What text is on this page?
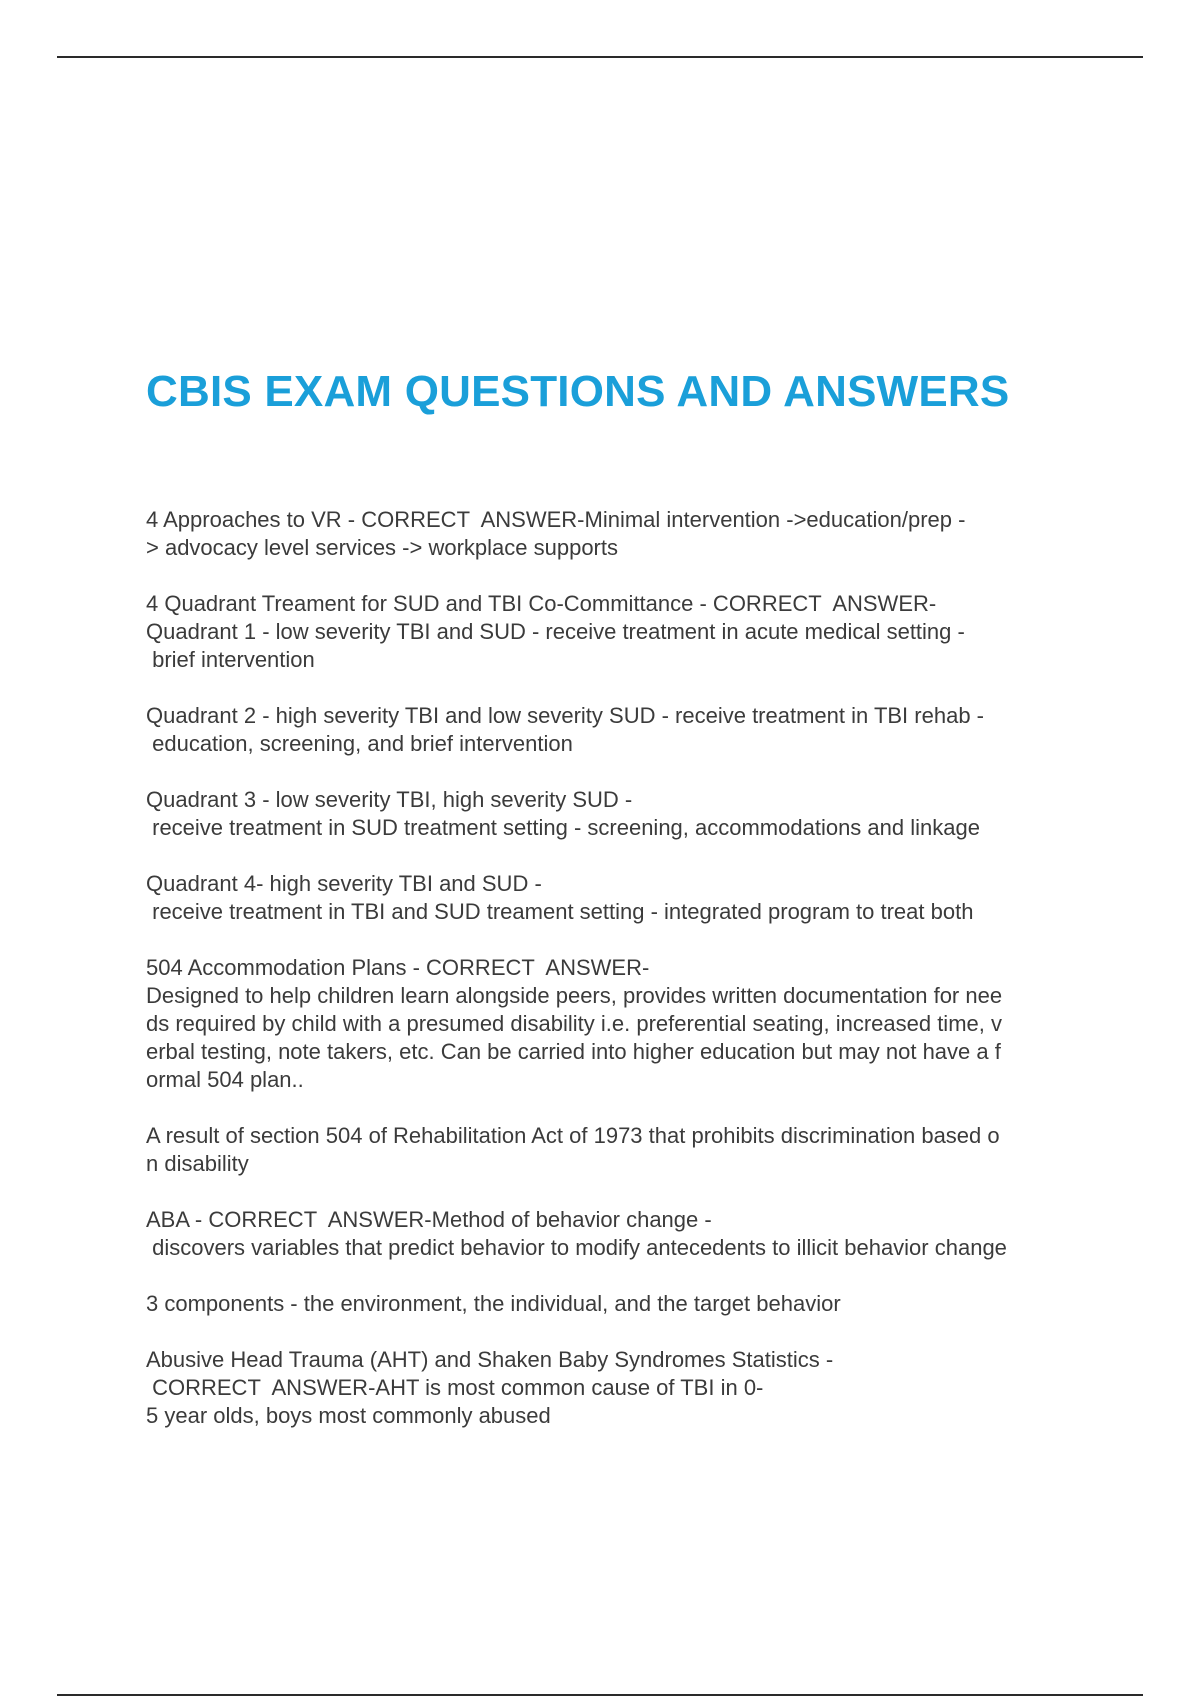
CBIS EXAM QUESTIONS AND ANSWERS
4 Approaches to VR - CORRECT  ANSWER-Minimal intervention ->education/prep -
> advocacy level services -> workplace supports
4 Quadrant Treament for SUD and TBI Co-Committance - CORRECT  ANSWER-
Quadrant 1 - low severity TBI and SUD - receive treatment in acute medical setting -
brief intervention
Quadrant 2 - high severity TBI and low severity SUD - receive treatment in TBI rehab -
education, screening, and brief intervention
Quadrant 3 - low severity TBI, high severity SUD -
receive treatment in SUD treatment setting - screening, accommodations and linkage
Quadrant 4- high severity TBI and SUD -
receive treatment in TBI and SUD treament setting - integrated program to treat both
504 Accommodation Plans - CORRECT  ANSWER-
Designed to help children learn alongside peers, provides written documentation for nee
ds required by child with a presumed disability i.e. preferential seating, increased time, v
erbal testing, note takers, etc. Can be carried into higher education but may not have a f
ormal 504 plan..
A result of section 504 of Rehabilitation Act of 1973 that prohibits discrimination based o
n disability
ABA - CORRECT  ANSWER-Method of behavior change -
discovers variables that predict behavior to modify antecedents to illicit behavior change
3 components - the environment, the individual, and the target behavior
Abusive Head Trauma (AHT) and Shaken Baby Syndromes Statistics -
CORRECT  ANSWER-AHT is most common cause of TBI in 0-
5 year olds, boys most commonly abused
